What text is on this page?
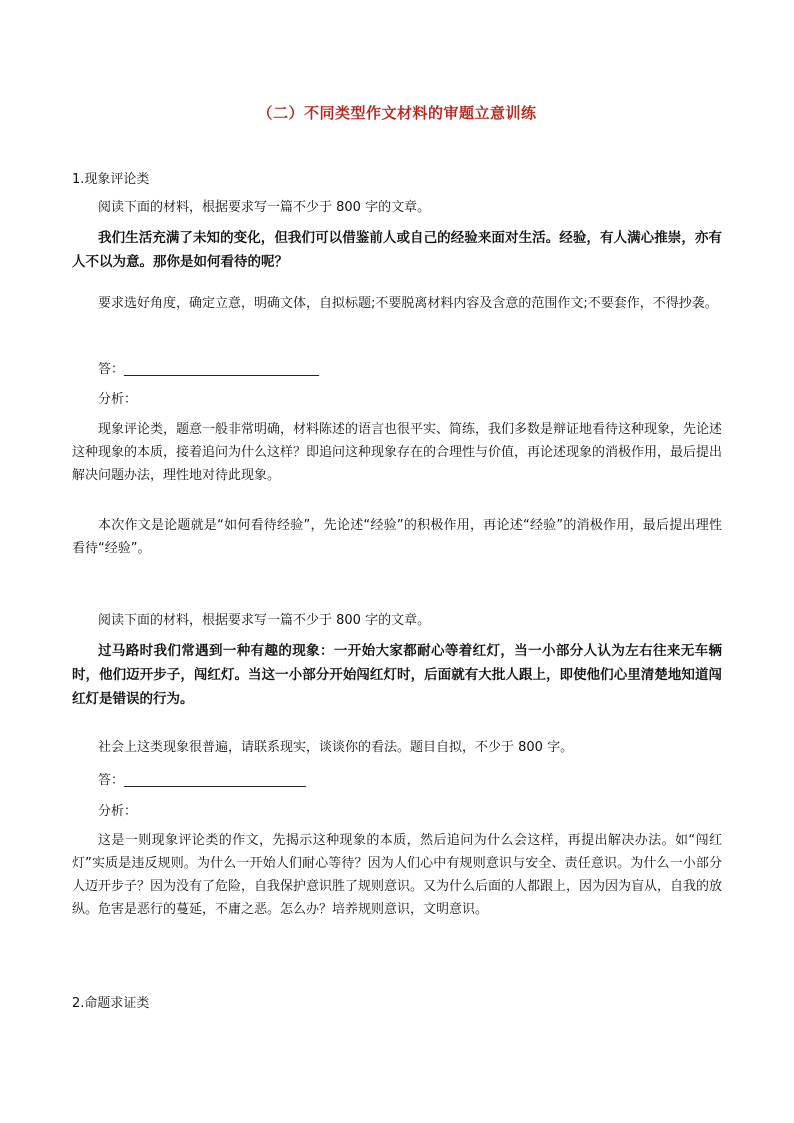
（二）不同类型作文材料的审题立意训练
1.现象评论类
阅读下面的材料，根据要求写一篇不少于 800 字的文章。
我们生活充满了未知的变化，但我们可以借鉴前人或自己的经验来面对生活。经验，有人满心推崇，亦有人不以为意。那你是如何看待的呢？
要求选好角度，确定立意，明确文体，自拟标题;不要脱离材料内容及含意的范围作文;不要套作，不得抄袭。
答：______________________________
分析：
现象评论类，题意一般非常明确，材料陈述的语言也很平实、简练，我们多数是辩证地看待这种现象，先论述这种现象的本质，接着追问为什么这样？即追问这种现象存在的合理性与价值，再论述现象的消极作用，最后提出解决问题办法，理性地对待此现象。
本次作文是论题就是“如何看待经验”，先论述“经验”的积极作用，再论述“经验”的消极作用，最后提出理性看待“经验”。
阅读下面的材料，根据要求写一篇不少于 800 字的文章。
过马路时我们常遇到一种有趣的现象：一开始大家都耐心等着红灯，当一小部分人认为左右往来无车辆时，他们迈开步子，闯红灯。当这一小部分开始闯红灯时，后面就有大批人跟上，即使他们心里清楚地知道闯红灯是错误的行为。
社会上这类现象很普遍，请联系现实，谈谈你的看法。题目自拟，不少于 800 字。
答：____________________________
分析：
这是一则现象评论类的作文，先揭示这种现象的本质，然后追问为什么会这样，再提出解决办法。如“闯红灯”实质是违反规则。为什么一开始人们耐心等待？因为人们心中有规则意识与安全、责任意识。为什么一小部分人迈开步子？因为没有了危险，自我保护意识胜了规则意识。又为什么后面的人都跟上，因为因为盲从，自我的放纵。危害是恶行的蔓延，不庸之恶。怎么办？培养规则意识，文明意识。
2.命题求证类
